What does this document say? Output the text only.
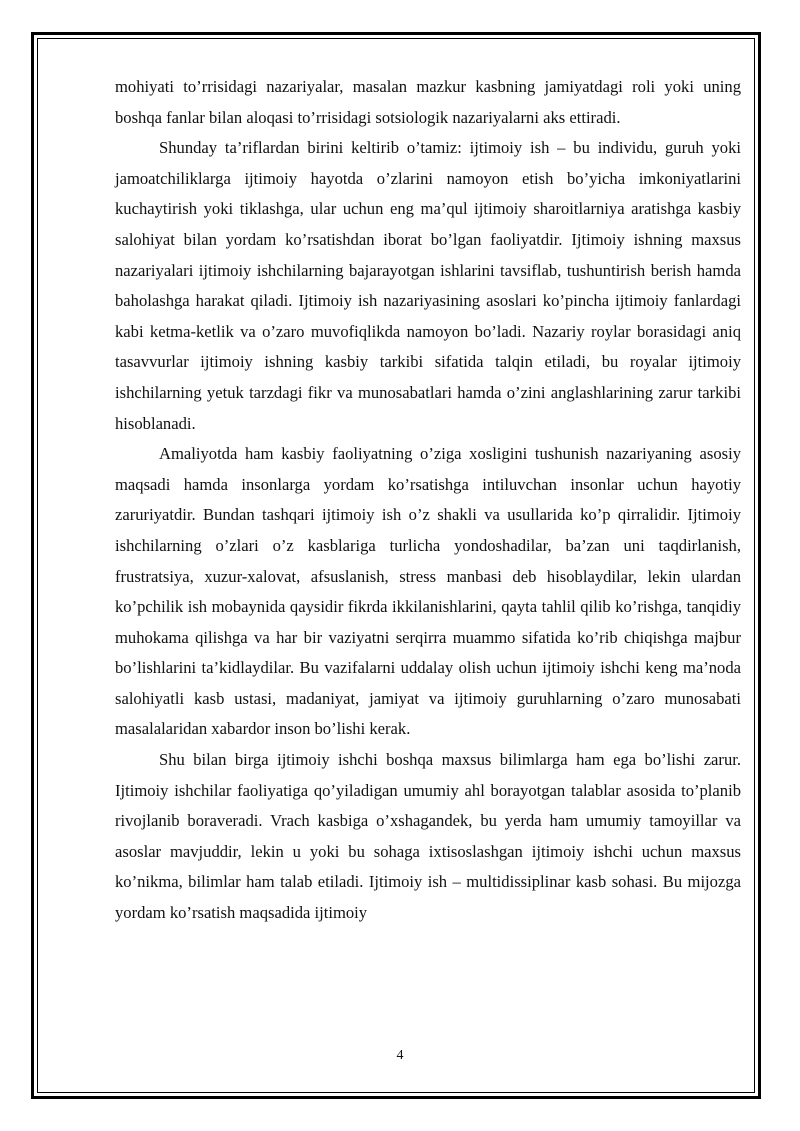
mohiyati to’rrisidagi nazariyalar, masalan mazkur kasbning jamiyatdagi roli yoki uning boshqa fanlar bilan aloqasi to’rrisidagi sotsiologik nazariyalarni aks ettiradi.

Shunday ta’riflardan birini keltirib o’tamiz: ijtimoiy ish – bu individu, guruh yoki jamoatchiliklarga ijtimoiy hayotda o’zlarini namoyon etish bo’yicha imkoniyatlarini kuchaytirish yoki tiklashga, ular uchun eng ma’qul ijtimoiy sharoitlarniya aratishga kasbiy salohiyat bilan yordam ko’rsatishdan iborat bo’lgan faoliyatdir. Ijtimoiy ishning maxsus nazariyalari ijtimoiy ishchilarning bajarayotgan ishlarini tavsiflab, tushuntirish berish hamda baholashga harakat qiladi. Ijtimoiy ish nazariyasining asoslari ko’pincha ijtimoiy fanlardagi kabi ketma-ketlik va o’zaro muvofiqlikda namoyon bo’ladi. Nazariy roylar borasidagi aniq tasavvurlar ijtimoiy ishning kasbiy tarkibi sifatida talqin etiladi, bu royalar ijtimoiy ishchilarning yetuk tarzdagi fikr va munosabatlari hamda o’zini anglashlarining zarur tarkibi hisoblanadi.

Amaliyotda ham kasbiy faoliyatning o’ziga xosligini tushunish nazariyaning asosiy maqsadi hamda insonlarga yordam ko’rsatishga intiluvchan insonlar uchun hayotiy zaruriyatdir. Bundan tashqari ijtimoiy ish o’z shakli va usullarida ko’p qirralidir. Ijtimoiy ishchilarning o’zlari o’z kasblariga turlicha yondoshadilar, ba’zan uni taqdirlanish, frustratsiya, xuzur-xalovat, afsuslanish, stress manbasi deb hisoblaydilar, lekin ulardan ko’pchilik ish mobaynida qaysidir fikrda ikkilanishlarini, qayta tahlil qilib ko’rishga, tanqidiy muhokama qilishga va har bir vaziyatni serqirra muammo sifatida ko’rib chiqishga majbur bo’lishlarini ta’kidlaydilar. Bu vazifalarni uddalay olish uchun ijtimoiy ishchi keng ma’noda salohiyatli kasb ustasi, madaniyat, jamiyat va ijtimoiy guruhlarning o’zaro munosabati masalalaridan xabardor inson bo’lishi kerak.

Shu bilan birga ijtimoiy ishchi boshqa maxsus bilimlarga ham ega bo’lishi zarur. Ijtimoiy ishchilar faoliyatiga qo’yiladigan umumiy ahl borayotgan talablar asosida to’planib rivojlanib boraveradi. Vrach kasbiga o’xshagandek, bu yerda ham umumiy tamoyillar va asoslar mavjuddir, lekin u yoki bu sohaga ixtisoslashgan ijtimoiy ishchi uchun maxsus ko’nikma, bilimlar ham talab etiladi. Ijtimoiy ish – multidissiplinar kasb sohasi. Bu mijozga yordam ko’rsatish maqsadida ijtimoiy

4
